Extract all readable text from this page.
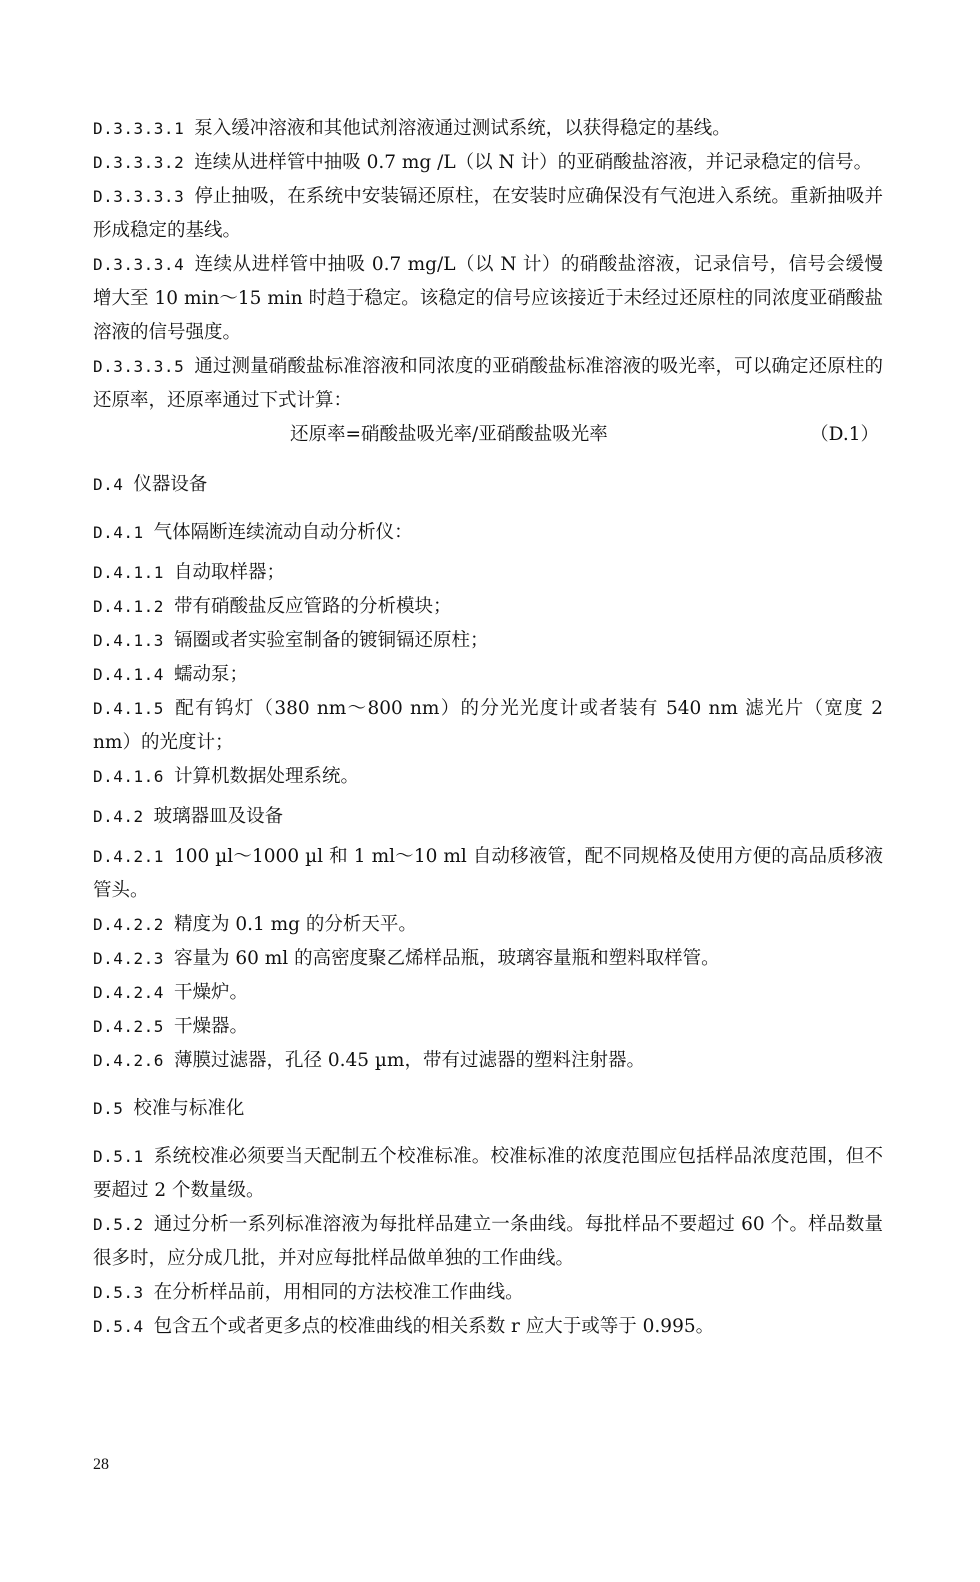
D.3.3.3.1 泵入缓冲溶液和其他试剂溶液通过测试系统，以获得稳定的基线。
D.3.3.3.2 连续从进样管中抽吸 0.7 mg /L（以 N 计）的亚硝酸盐溶液，并记录稳定的信号。
D.3.3.3.3 停止抽吸，在系统中安装镉还原柱，在安装时应确保没有气泡进入系统。重新抽吸并形成稳定的基线。
D.3.3.3.4 连续从进样管中抽吸 0.7 mg/L（以 N 计）的硝酸盐溶液，记录信号，信号会缓慢增大至 10 min～15 min 时趋于稳定。该稳定的信号应该接近于未经过还原柱的同浓度亚硝酸盐溶液的信号强度。
D.3.3.3.5 通过测量硝酸盐标准溶液和同浓度的亚硝酸盐标准溶液的吸光率，可以确定还原柱的还原率，还原率通过下式计算：
还原率=硝酸盐吸光率/亚硝酸盐吸光率	（D.1）
D.4 仪器设备
D.4.1 气体隔断连续流动自动分析仪：
D.4.1.1 自动取样器；
D.4.1.2 带有硝酸盐反应管路的分析模块；
D.4.1.3 镉圈或者实验室制备的镀铜镉还原柱；
D.4.1.4 蠕动泵；
D.4.1.5 配有钨灯（380 nm～800 nm）的分光光度计或者装有 540 nm 滤光片（宽度 2 nm）的光度计；
D.4.1.6 计算机数据处理系统。
D.4.2 玻璃器皿及设备
D.4.2.1 100 µl～1000 µl 和 1 ml～10 ml 自动移液管，配不同规格及使用方便的高品质移液管头。
D.4.2.2 精度为 0.1 mg 的分析天平。
D.4.2.3 容量为 60 ml 的高密度聚乙烯样品瓶，玻璃容量瓶和塑料取样管。
D.4.2.4 干燥炉。
D.4.2.5 干燥器。
D.4.2.6 薄膜过滤器，孔径 0.45 µm，带有过滤器的塑料注射器。
D.5 校准与标准化
D.5.1 系统校准必须要当天配制五个校准标准。校准标准的浓度范围应包括样品浓度范围，但不要超过 2 个数量级。
D.5.2 通过分析一系列标准溶液为每批样品建立一条曲线。每批样品不要超过 60 个。样品数量很多时，应分成几批，并对应每批样品做单独的工作曲线。
D.5.3 在分析样品前，用相同的方法校准工作曲线。
D.5.4 包含五个或者更多点的校准曲线的相关系数 r 应大于或等于 0.995。
28
